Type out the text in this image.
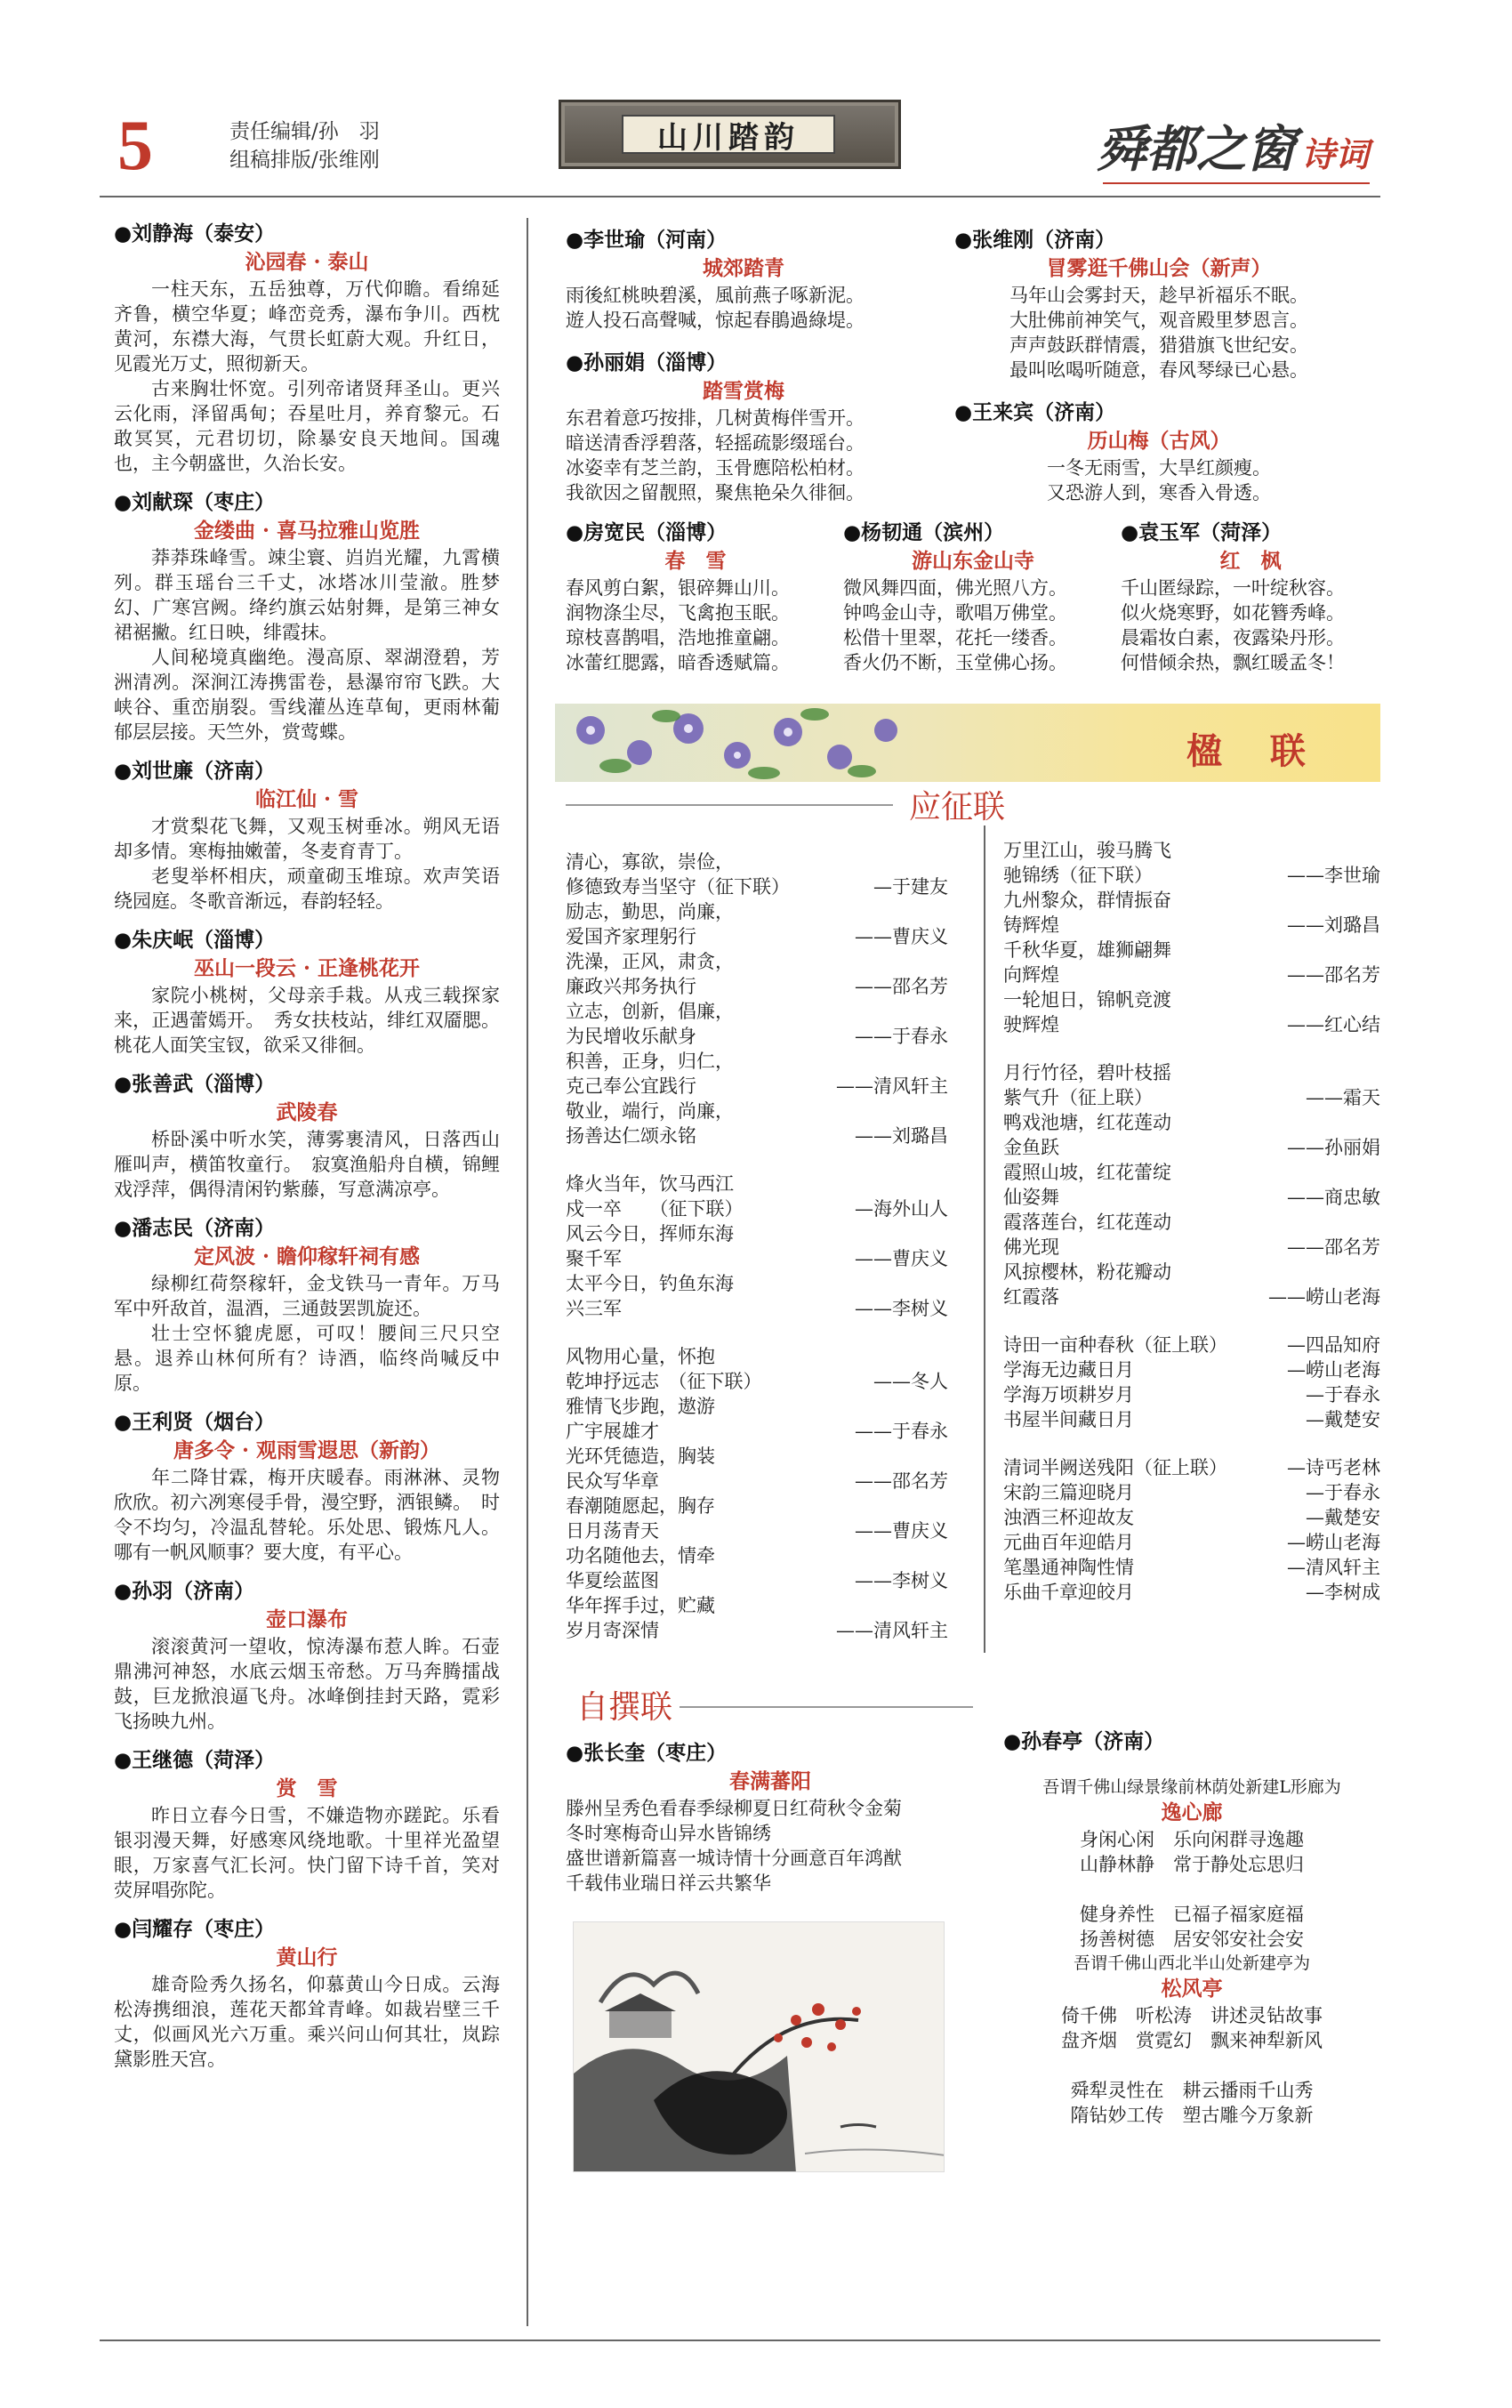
5	责任编辑/孙　羽
组稿排版/张维刚
山川踏韵	舜都之窗 诗词
●刘静海（泰安）
沁园春 · 泰山
一柱天东，五岳独尊，万代仰瞻。看绵延齐鲁，横空华夏；峰峦竞秀，瀑布争川。西枕黄河，东襟大海，气贯长虹蔚大观。升红日，见霞光万丈，照彻新天。
古来胸壮怀宽。引列帝诸贤拜圣山。更兴云化雨，泽留禹甸；吞星吐月，养育黎元。石敢冥冥，元君切切，除暴安良天地间。国魂也，主今朝盛世，久治长安。
●刘献琛（枣庄）
金缕曲 · 喜马拉雅山览胜
莽莽珠峰雪。竦尘寰、岿岿光耀，九霄横列。群玉瑶台三千丈，冰塔冰川莹澈。胜梦幻、广寒宫阙。绛约旗云姑射舞，是第三神女裙裾撇。红日映，绯霞抹。
人间秘境真幽绝。漫高原、翠湖澄碧，芳洲清冽。深涧江涛携雷卷，悬瀑帘帘飞跌。大峡谷、重峦崩裂。雪线灌丛连草甸，更雨林葡郁层层接。天竺外，赏莺蝶。
●刘世廉（济南）
临江仙 · 雪
才赏梨花飞舞，又观玉树垂冰。朔风无语却多情。寒梅抽嫩蕾，冬麦育青丁。
老叟举杯相庆，顽童砌玉堆琼。欢声笑语绕园庭。冬歌音渐远，春韵轻轻。
●朱庆岷（淄博）
巫山一段云 · 正逢桃花开
家院小桃树，父母亲手栽。从戎三载探家来，正遇蕾嫣开。　秀女扶枝站，绯红双靥腮。桃花人面笑宝钗，欲采又徘徊。
●张善武（淄博）
武陵春
桥卧溪中听水笑，薄雾裹清风，日落西山雁叫声，横笛牧童行。　寂寞渔船舟自横，锦鲤戏浮萍，偶得清闲钓紫藤，写意满凉亭。
●潘志民（济南）
定风波 · 瞻仰稼轩祠有感
绿柳红荷祭稼轩，金戈铁马一青年。万马军中歼敌首，温酒，三通鼓罢凯旋还。
壮士空怀貔虎愿，可叹！腰间三尺只空悬。退养山林何所有？诗酒，临终尚喊反中原。
●王利贤（烟台）
唐多令 · 观雨雪遐思（新韵）
年二降甘霖，梅开庆暖春。雨淋淋、灵物欣欣。初六冽寒侵手骨，漫空野，洒银鳞。　时令不均匀，冷温乱替轮。乐处思、锻炼凡人。哪有一帆风顺事？要大度，有平心。
●孙羽（济南）
壶口瀑布
滚滚黄河一望收，惊涛瀑布惹人眸。石壶鼎沸河神怒，水底云烟玉帝愁。万马奔腾擂战鼓，巨龙掀浪逼飞舟。冰峰倒挂封天路，霓彩飞扬映九州。
●王继德（菏泽）
赏　雪
昨日立春今日雪，不嫌造物亦蹉跎。乐看银羽漫天舞，好感寒风绕地歌。十里祥光盈望眼，万家喜气汇长河。快门留下诗千首，笑对荧屏唱弥陀。
●闫耀存（枣庄）
黄山行
雄奇险秀久扬名，仰慕黄山今日成。云海松涛携细浪，莲花天都耸青峰。如裁岩壁三千丈，似画风光六万重。乘兴问山何其壮，岚踪黛影胜天宫。
●李世瑜（河南）
城郊踏青
雨後紅桃映碧溪，風前燕子啄新泥。
遊人投石高聲喊，惊起春鵑過綠堤。
●孙丽娟（淄博）
踏雪赏梅
东君着意巧按排，几树黄梅伴雪开。
暗送清香浮碧落，轻摇疏影缀瑶台。
冰姿幸有芝兰韵，玉骨應陪松柏材。
我欲因之留靓照，聚焦艳朵久徘徊。
●张维刚（济南）
冒雾逛千佛山会（新声）
马年山会雾封天，趁早祈福乐不眠。
大肚佛前神笑气，观音殿里梦恩言。
声声鼓跃群情震，猎猎旗飞世纪安。
最叫吆喝听随意，春风琴绿已心悬。
●王来宾（济南）
历山梅（古风）
一冬无雨雪，大旱红颜瘦。
又恐游人到，寒香入骨透。
●房宽民（淄博）
春　雪
春风剪白絮，银碎舞山川。
润物涤尘尽，飞禽抱玉眠。
琼枝喜鹊唱，浩地推童翩。
冰蕾红腮露，暗香透赋篇。
●杨韧通（滨州）
游山东金山寺
微风舞四面，佛光照八方。
钟鸣金山寺，歌唱万佛堂。
松借十里翠，花托一缕香。
香火仍不断，玉堂佛心扬。
●袁玉军（菏泽）
红　枫
千山匿绿踪，一叶绽秋容。
似火烧寒野，如花簪秀峰。
晨霜妆白素，夜露染丹形。
何惜倾余热，飘红暖孟冬！
楹 联
应征联
清心，寡欲，崇俭，
修德致寿当坚守（征下联）	—于建友
励志，勤思，尚廉，
爱国齐家理躬行	——曹庆义
洗澡，正风，肃贪，
廉政兴邦务执行	——邵名芳
立志，创新，倡廉，
为民增收乐献身	——于春永
积善，正身，归仁，
克己奉公宜践行	——清风轩主
敬业，端行，尚廉，
扬善达仁颂永铭	——刘璐昌
烽火当年，饮马西江
戍一卒　　（征下联）	—海外山人
风云今日，挥师东海
聚千军	——曹庆义
太平今日，钓鱼东海
兴三军	——李树义
风物用心量，怀抱
乾坤抒远志　（征下联）	——冬人
雅情飞步跑，遨游
广宇展雄才	——于春永
光环凭德造，胸装
民众写华章	——邵名芳
春潮随愿起，胸存
日月荡青天	——曹庆义
功名随他去，情牵
华夏绘蓝图	——李树义
华年挥手过，贮藏
岁月寄深情	——清风轩主
万里江山，骏马腾飞
驰锦绣（征下联）	——李世瑜
九州黎众，群情振奋
铸辉煌	——刘璐昌
千秋华夏，雄狮翩舞
向辉煌	——邵名芳
一轮旭日，锦帆竞渡
驶辉煌	——红心结
月行竹径，碧叶枝摇
紫气升（征上联）	——霜天
鸭戏池塘，红花莲动
金鱼跃	——孙丽娟
霞照山坡，红花蕾绽
仙姿舞	——商忠敏
霞落莲台，红花莲动
佛光现	——邵名芳
风掠樱林，粉花瓣动
红霞落	——崂山老海
诗田一亩种春秋（征上联）	—四品知府
学海无边藏日月	—崂山老海
学海万顷耕岁月	—于春永
书屋半间藏日月	—戴楚安
清词半阙送残阳（征上联）	—诗丐老林
宋韵三篇迎晓月	—于春永
浊酒三杯迎故友	—戴楚安
元曲百年迎皓月	—崂山老海
笔墨通神陶性情	—清风轩主
乐曲千章迎皎月	—李树成
自撰联
●张长奎（枣庄）
春满蕃阳
滕州呈秀色看春季绿柳夏日红荷秋令金菊
冬时寒梅奇山异水皆锦绣
盛世谱新篇喜一城诗情十分画意百年鸿猷
千载伟业瑞日祥云共繁华
●孙春亭（济南）
吾谓千佛山绿景缘前林荫处新建L形廊为
逸心廊
身闲心闲　乐向闲群寻逸趣
山静林静　常于静处忘思归
健身养性　已福子福家庭福
扬善树德　居安邻安社会安
吾谓千佛山西北半山处新建亭为
松风亭
倚千佛　听松涛　讲述灵钻故事
盘齐烟　赏霓幻　飘来神犁新风
舜犁灵性在　耕云播雨千山秀
隋钻妙工传　塑古雕今万象新
